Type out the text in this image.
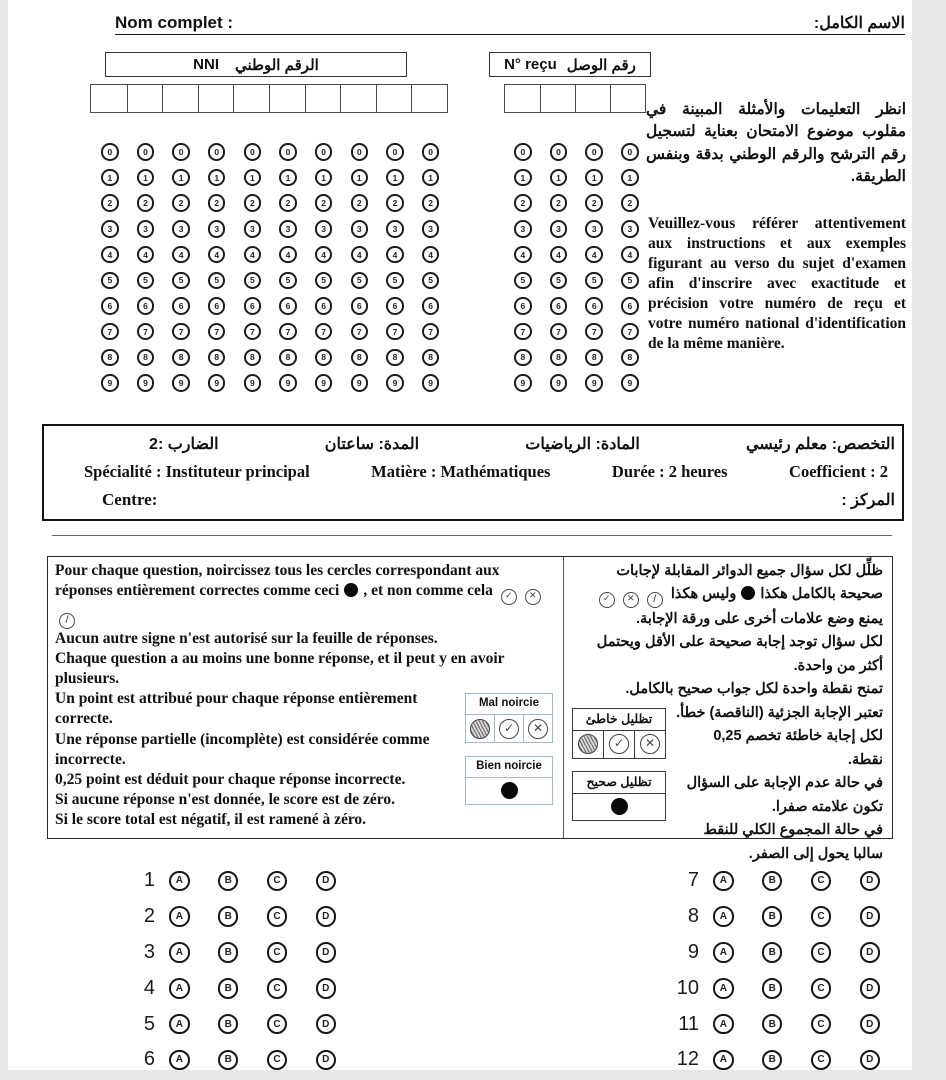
Nom complet :	الاسم الكامل:
NNI الرقم الوطني	N° reçu رقم الوصل
0	0	0	0	0	0	0	0	0	0
1	1	1	1	1	1	1	1	1	1
2	2	2	2	2	2	2	2	2	2
3	3	3	3	3	3	3	3	3	3
4	4	4	4	4	4	4	4	4	4
5	5	5	5	5	5	5	5	5	5
6	6	6	6	6	6	6	6	6	6
7	7	7	7	7	7	7	7	7	7
8	8	8	8	8	8	8	8	8	8
9	9	9	9	9	9	9	9	9	9
0	0	0	0
1	1	1	1
2	2	2	2
3	3	3	3
4	4	4	4
5	5	5	5
6	6	6	6
7	7	7	7
8	8	8	8
9	9	9	9
انظر التعليمات والأمثلة المبينة في مقلوب موضوع الامتحان بعناية لتسجيل رقم الترشح والرقم الوطني بدقة وبنفس الطريقة.
Veuillez-vous référer attentivement aux instructions et aux exemples figurant au verso du sujet d'examen afin d'inscrire avec exactitude et précision votre numéro de reçu et votre numéro national d'identification de la même manière.
التخصص: معلم رئيسي
المادة: الرياضيات
المدة: ساعتان
الضارب :2
Spécialité : Instituteur principal	Matière : Mathématiques	Durée : 2 heures	Coefficient : 2
Centre:	المركز :

Pour chaque question, noircissez tous les cercles correspondant aux réponses entièrement correctes comme ceci , et non comme cela ✓ ✕∕

Aucun autre signe n'est autorisé sur la feuille de réponses.

Chaque question a au moins une bonne réponse, et il peut y en avoir plusieurs.

Mal noircie
✓	✕
Bien noircie

Un point est attribué pour chaque réponse entièrement correcte.

Une réponse partielle (incomplète) est considérée comme incorrecte.

0,25 point est déduit pour chaque réponse incorrecte.

Si aucune réponse n'est donnée, le score est de zéro.

Si le score total est négatif, il est ramené à zéro.

ظلِّل لكل سؤال جميع الدوائر المقابلة لإجابات صحيحة بالكامل هكذاوليس هكذا ∕✕✓

يمنع وضع علامات أخرى على ورقة الإجابة.

لكل سؤال توجد إجابة صحيحة على الأقل ويحتمل أكثر من واحدة.

تمنح نقطة واحدة لكل جواب صحيح بالكامل.

تظليل خاطئ
✓	✕
تظليل صحيح

تعتبر الإجابة الجزئية (الناقصة) خطأ.

لكل إجابة خاطئة تخصم 0,25 نقطة.

في حالة عدم الإجابة على السؤال تكون علامته صفرا.

في حالة المجموع الكلي للنقط سالبا يحول إلى الصفر.

1	A	B	C	D
2	A	B	C	D
3	A	B	C	D
4	A	B	C	D
5	A	B	C	D
6	A	B	C	D
7	A	B	C	D
8	A	B	C	D
9	A	B	C	D
10	A	B	C	D
11	A	B	C	D
12	A	B	C	D
